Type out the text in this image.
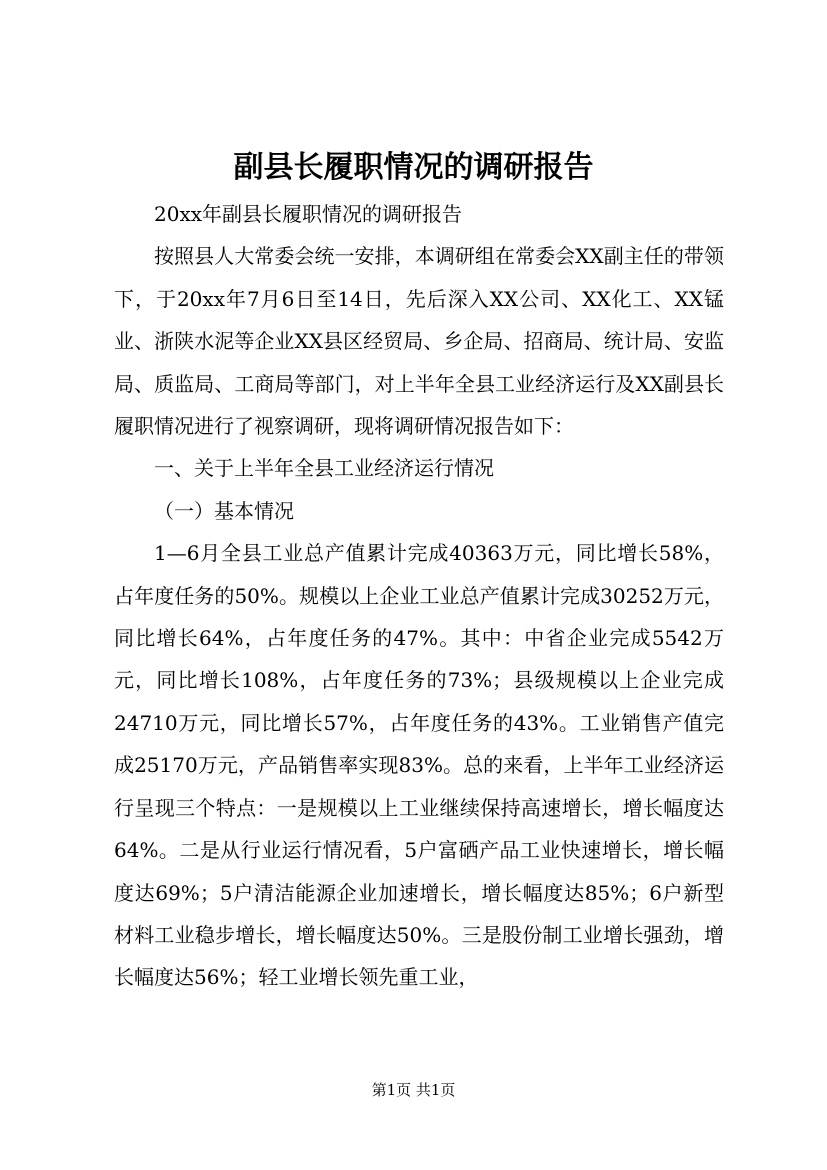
副县长履职情况的调研报告

20xx年副县长履职情况的调研报告

按照县人大常委会统一安排，本调研组在常委会XX副主任的带领下，于20xx年7月6日至14日，先后深入XX公司、XX化工、XX锰业、浙陕水泥等企业XX县区经贸局、乡企局、招商局、统计局、安监局、质监局、工商局等部门，对上半年全县工业经济运行及XX副县长履职情况进行了视察调研，现将调研情况报告如下：

一、关于上半年全县工业经济运行情况

（一）基本情况

1—6月全县工业总产值累计完成40363万元，同比增长58%，占年度任务的50%。规模以上企业工业总产值累计完成30252万元，同比增长64%，占年度任务的47%。其中：中省企业完成5542万元，同比增长108%，占年度任务的73%；县级规模以上企业完成24710万元，同比增长57%，占年度任务的43%。工业销售产值完成25170万元，产品销售率实现83%。总的来看，上半年工业经济运行呈现三个特点：一是规模以上工业继续保持高速增长，增长幅度达64%。二是从行业运行情况看，5户富硒产品工业快速增长，增长幅度达69%；5户清洁能源企业加速增长，增长幅度达85%；6户新型材料工业稳步增长，增长幅度达50%。三是股份制工业增长强劲，增长幅度达56%；轻工业增长领先重工业，

第1页 共1页
